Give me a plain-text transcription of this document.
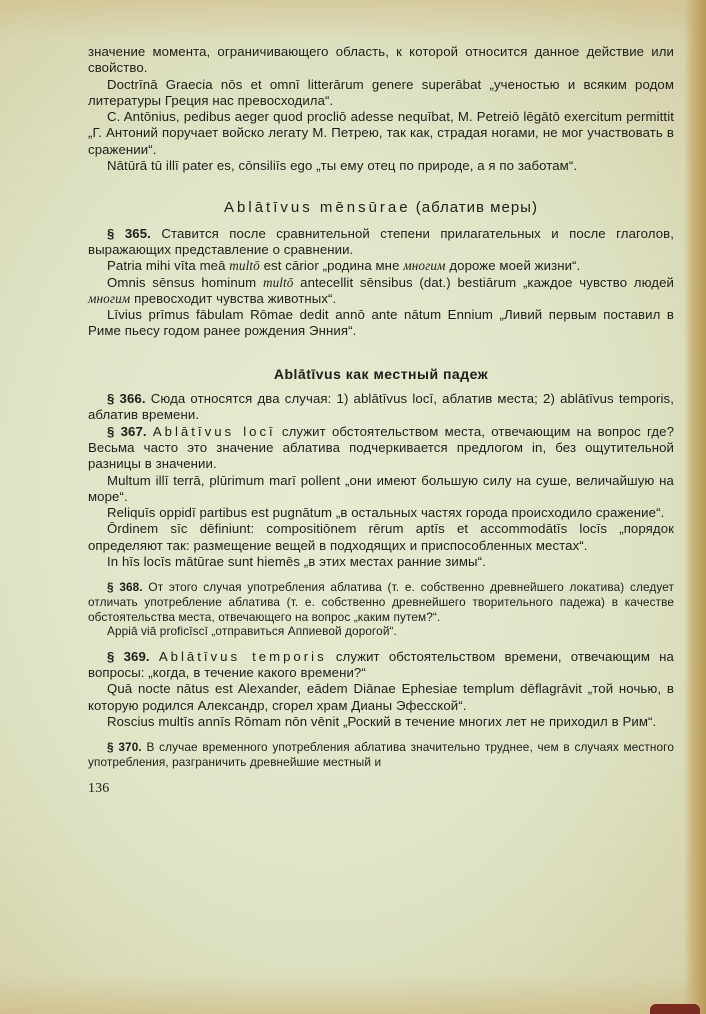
значение момента, ограничивающего область, к которой относится данное действие или свойство.

Doctrīnā Graecia nōs et omnī litterārum genere superābat „ученостью и всяким родом литературы Греция нас превосходила“.

C. Antōnius, pedibus aeger quod procliō adesse nequībat, M. Petreiō lēgātō exercitum permittit „Г. Антоний поручает войско легату М. Петрею, так как, страдая ногами, не мог участвовать в сражении“.

Nātūrā tū illī pater es, cōnsiliīs ego „ты ему отец по природе, а я по заботам“.

Ablātīvus mēnsūrae (аблатив меры)

§ 365. Ставится после сравнительной степени прилагательных и после глаголов, выражающих представление о сравнении.

Patria mihi vīta meā multō est cārior „родина мне многим дороже моей жизни“.

Omnis sēnsus hominum multō antecellit sēnsibus (dat.) bestiārum „каждое чувство людей многим превосходит чувства животных“.

Līvius prīmus fābulam Rōmae dedit annō ante nātum Ennium „Ливий первым поставил в Риме пьесу годом ранее рождения Энния“.

Ablātīvus как местный падеж

§ 366. Сюда относятся два случая: 1) ablātīvus locī, аблатив места; 2) ablātīvus temporis, аблатив времени.

§ 367. Ablātīvus locī служит обстоятельством места, отвечающим на вопрос где? Весьма часто это значение аблатива подчеркивается предлогом in, без ощутительной разницы в значении.

Multum illī terrā, plūrimum marī pollent „они имеют большую силу на суше, величайшую на море“.

Reliquīs oppidī partibus est pugnātum „в остальных частях города происходило сражение“.

Ōrdinem sīc dēfiniunt: compositiōnem rērum aptīs et accommodātīs locīs „порядок определяют так: размещение вещей в подходящих и приспособленных местах“.

In hīs locīs mātūrae sunt hiemēs „в этих местах ранние зимы“.

§ 368. От этого случая употребления аблатива (т. е. собственно древнейшего локатива) следует отличать употребление аблатива (т. е. собственно древнейшего творительного падежа) в качестве обстоятельства места, отвечающего на вопрос „каким путем?“.

Appiā viā proficīscī „отправиться Аппиевой дорогой“.

§ 369. Ablātīvus temporis служит обстоятельством времени, отвечающим на вопросы: „когда, в течение какого времени?“

Quā nocte nātus est Alexander, eādem Diānae Ephesiae templum dēflagrāvit „той ночью, в которую родился Александр, сгорел храм Дианы Эфесской“.

Roscius multīs annīs Rōmam nōn vēnit „Роский в течение многих лет не приходил в Рим“.

§ 370. В случае временного употребления аблатива значительно труднее, чем в случаях местного употребления, разграничить древнейшие местный и

136
